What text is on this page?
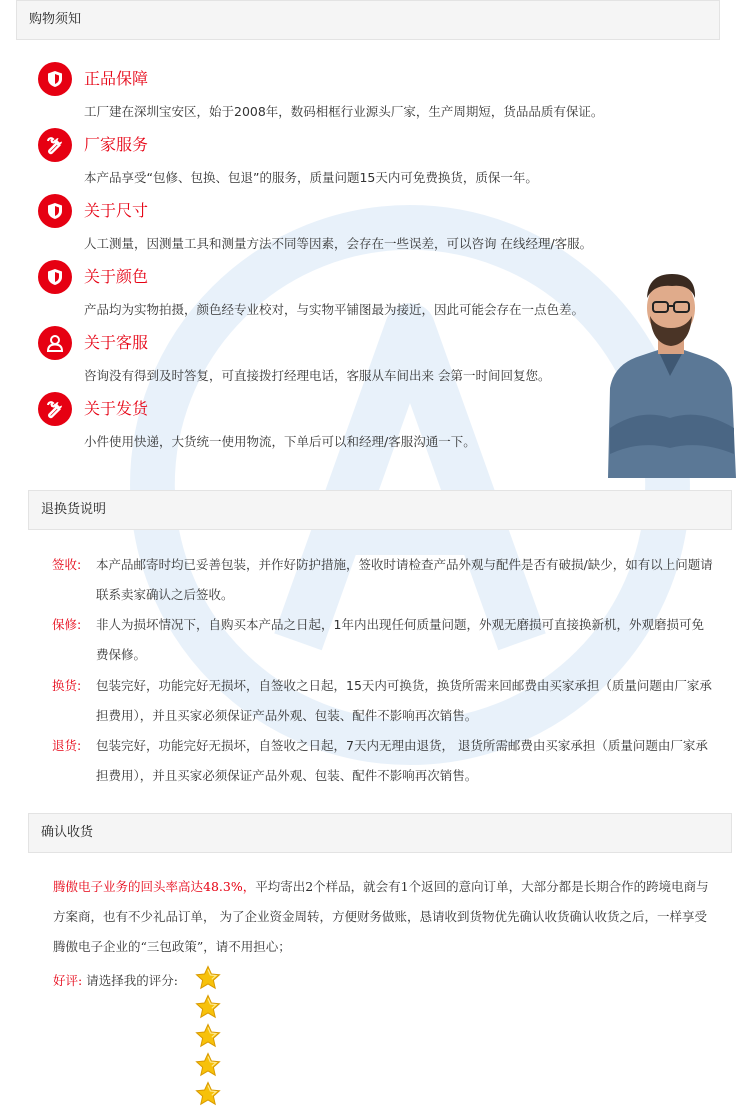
购物须知
正品保障
工厂建在深圳宝安区，始于2008年，数码相框行业源头厂家，生产周期短，货品品质有保证。
厂家服务
本产品享受“包修、包换、包退”的服务，质量问题15天内可免费换货，质保一年。
关于尺寸
人工测量，因测量工具和测量方法不同等因素，会存在一些误差，可以咨询 在线经理/客服。
关于颜色
产品均为实物拍摄，颜色经专业校对，与实物平铺图最为接近，因此可能会存在一点色差。
关于客服
咨询没有得到及时答复，可直接拨打经理电话，客服从车间出来 会第一时间回复您。
关于发货
小件使用快递，大货统一使用物流，下单后可以和经理/客服沟通一下。
退换货说明
签收: 本产品邮寄时均已妥善包装，并作好防护措施，签收时请检查产品外观与配件是否有破损/缺少，如有以上问题请联系卖家确认之后签收。
保修: 非人为损坏情况下，自购买本产品之日起，1年内出现任何质量问题，外观无磨损可直接换新机，外观磨损可免费保修。
换货: 包装完好，功能完好无损坏，自签收之日起，15天内可换货，换货所需来回邮费由买家承担（质量问题由厂家承担费用），并且买家必须保证产品外观、包装、配件不影响再次销售。
退货: 包装完好，功能完好无损坏，自签收之日起，7天内无理由退货， 退货所需邮费由买家承担（质量问题由厂家承担费用），并且买家必须保证产品外观、包装、配件不影响再次销售。
确认收货
腾傲电子业务的回头率高达48.3%，平均寄出2个样品，就会有1个返回的意向订单，大部分都是长期合作的跨境电商与方案商，也有不少礼品订单， 为了企业资金周转，方便财务做账，恳请收到货物优先确认收货确认收货之后，一样享受腾傲电子企业的“三包政策”，请不用担心；
好评: 请选择我的评分:
